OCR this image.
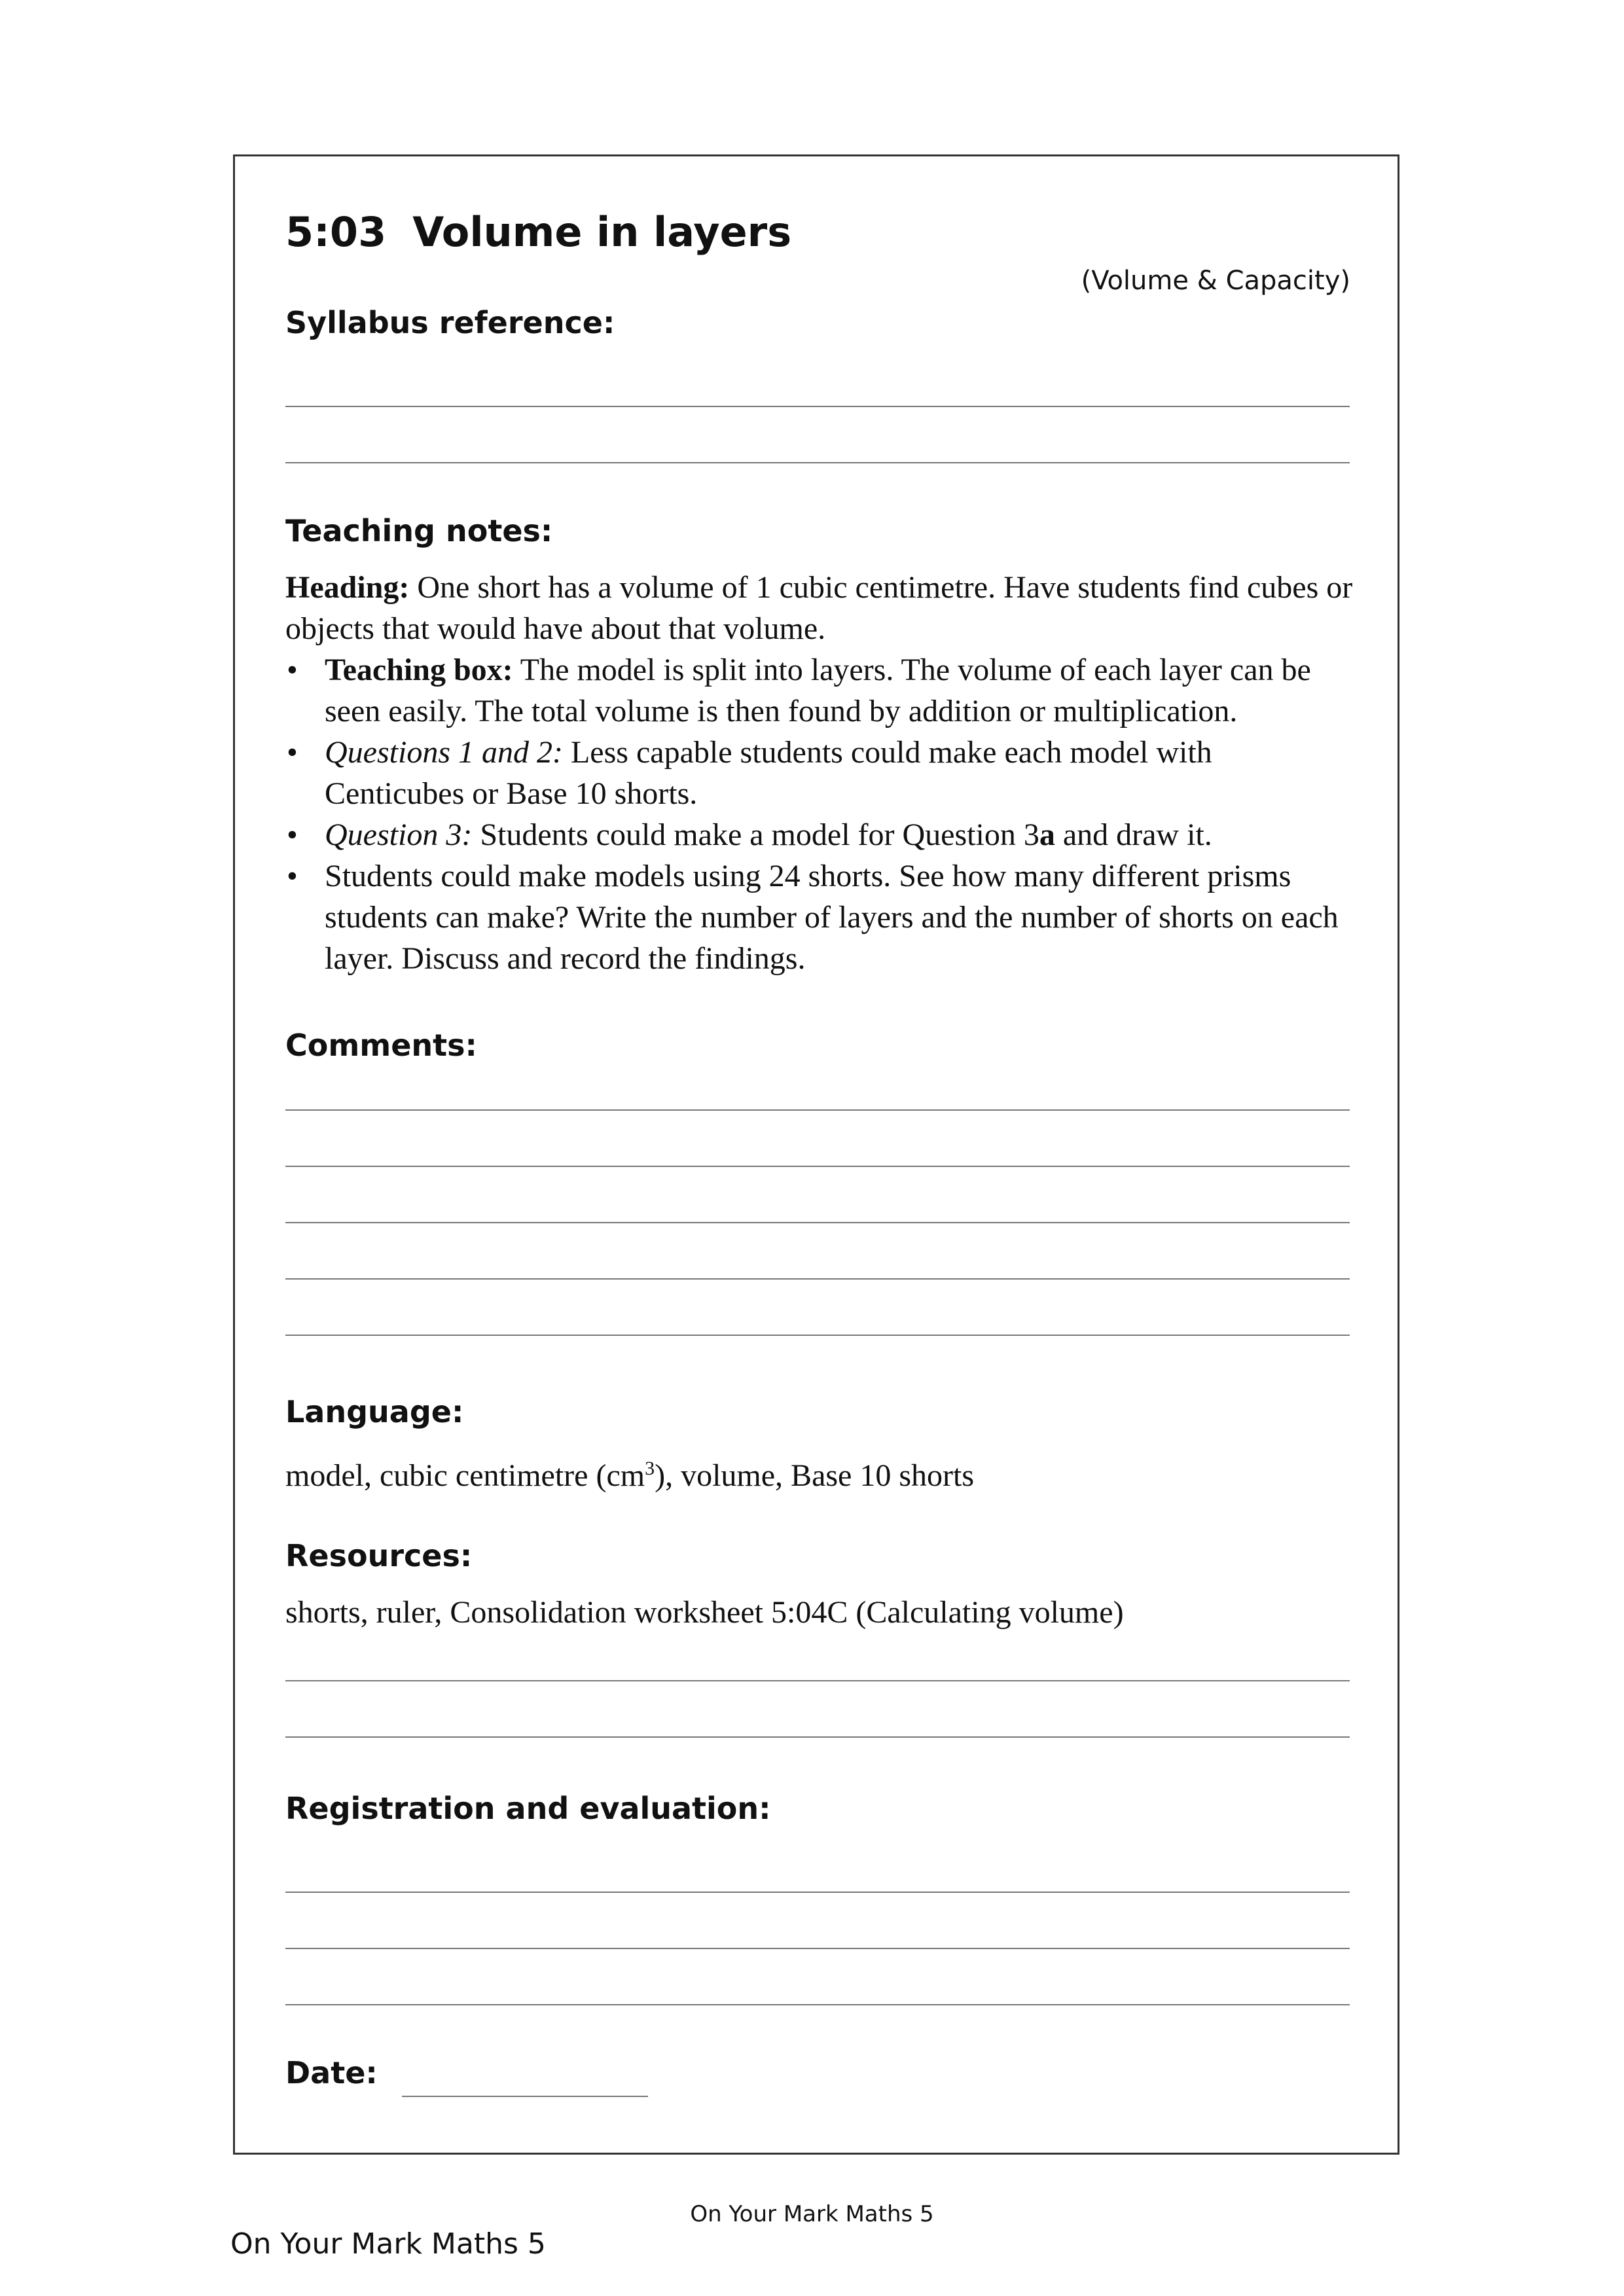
5:03 Volume in layers
(Volume & Capacity)
Syllabus reference:
Teaching notes:

Heading: One short has a volume of 1 cubic centimetre. Have students find cubes or objects that would have about that volume.

• Teaching box: The model is split into layers. The volume of each layer can be seen easily. The total volume is then found by addition or multiplication.
• Questions 1 and 2: Less capable students could make each model with Centicubes or Base 10 shorts.
• Question 3: Students could make a model for Question 3a and draw it.
• Students could make models using 24 shorts. See how many different prisms students can make? Write the number of layers and the number of shorts on each layer. Discuss and record the findings.
Comments:
Language:
model, cubic centimetre $(cm^3)$, volume, Base 10 shorts
Resources:
shorts, ruler, Consolidation worksheet 5:04C (Calculating volume)
Registration and evaluation:
Date:
On Your Mark Maths 5
On Your Mark Maths 5
